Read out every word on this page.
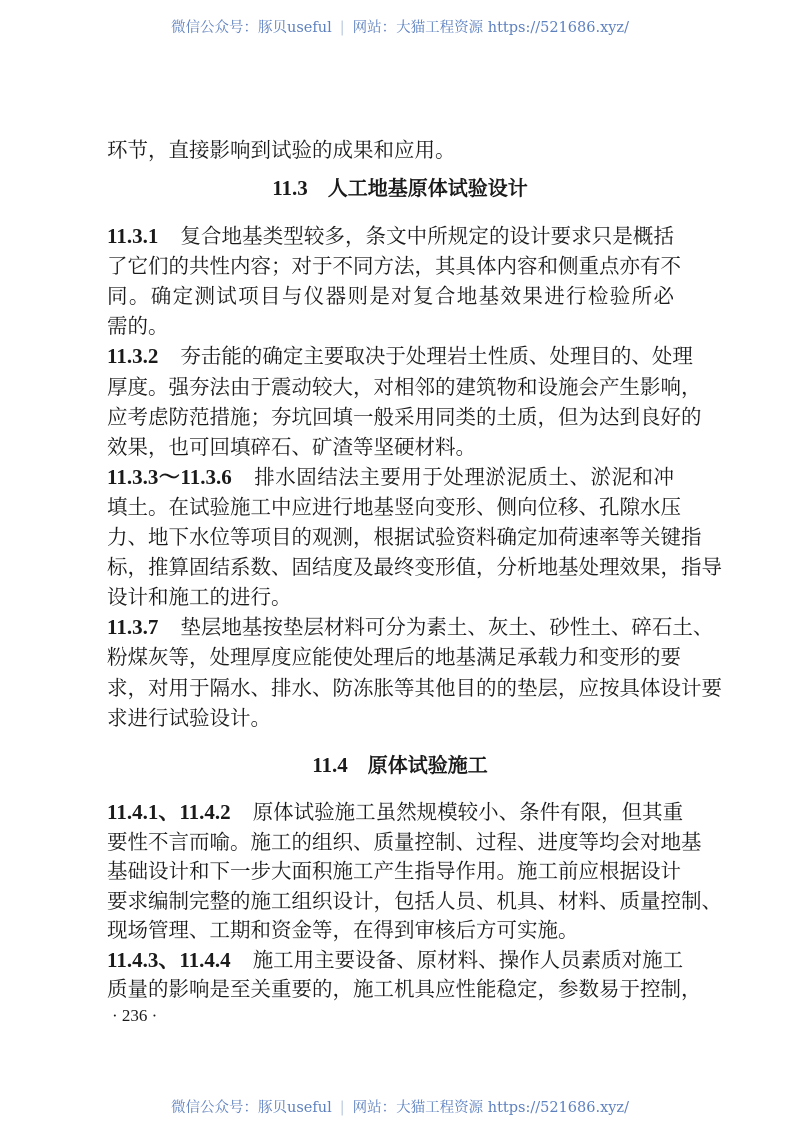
微信公众号：豚贝useful | 网站：大猫工程资源 https://521686.xyz/
环节，直接影响到试验的成果和应用。
11.3 人工地基原体试验设计
11.3.1 复合地基类型较多，条文中所规定的设计要求只是概括
了它们的共性内容；对于不同方法，其具体内容和侧重点亦有不
同。确定测试项目与仪器则是对复合地基效果进行检验所必
需的。
11.3.2 夯击能的确定主要取决于处理岩土性质、处理目的、处理
厚度。强夯法由于震动较大，对相邻的建筑物和设施会产生影响，
应考虑防范措施；夯坑回填一般采用同类的土质，但为达到良好的
效果，也可回填碎石、矿渣等坚硬材料。
11.3.3～11.3.6 排水固结法主要用于处理淤泥质土、淤泥和冲
填土。在试验施工中应进行地基竖向变形、侧向位移、孔隙水压
力、地下水位等项目的观测，根据试验资料确定加荷速率等关键指
标，推算固结系数、固结度及最终变形值，分析地基处理效果，指导
设计和施工的进行。
11.3.7 垫层地基按垫层材料可分为素土、灰土、砂性土、碎石土、
粉煤灰等，处理厚度应能使处理后的地基满足承载力和变形的要
求，对用于隔水、排水、防冻胀等其他目的的垫层，应按具体设计要
求进行试验设计。
11.4 原体试验施工
11.4.1、11.4.2 原体试验施工虽然规模较小、条件有限，但其重
要性不言而喻。施工的组织、质量控制、过程、进度等均会对地基
基础设计和下一步大面积施工产生指导作用。施工前应根据设计
要求编制完整的施工组织设计，包括人员、机具、材料、质量控制、
现场管理、工期和资金等，在得到审核后方可实施。
11.4.3、11.4.4 施工用主要设备、原材料、操作人员素质对施工
质量的影响是至关重要的，施工机具应性能稳定，参数易于控制，
· 236 ·
微信公众号：豚贝useful | 网站：大猫工程资源 https://521686.xyz/
